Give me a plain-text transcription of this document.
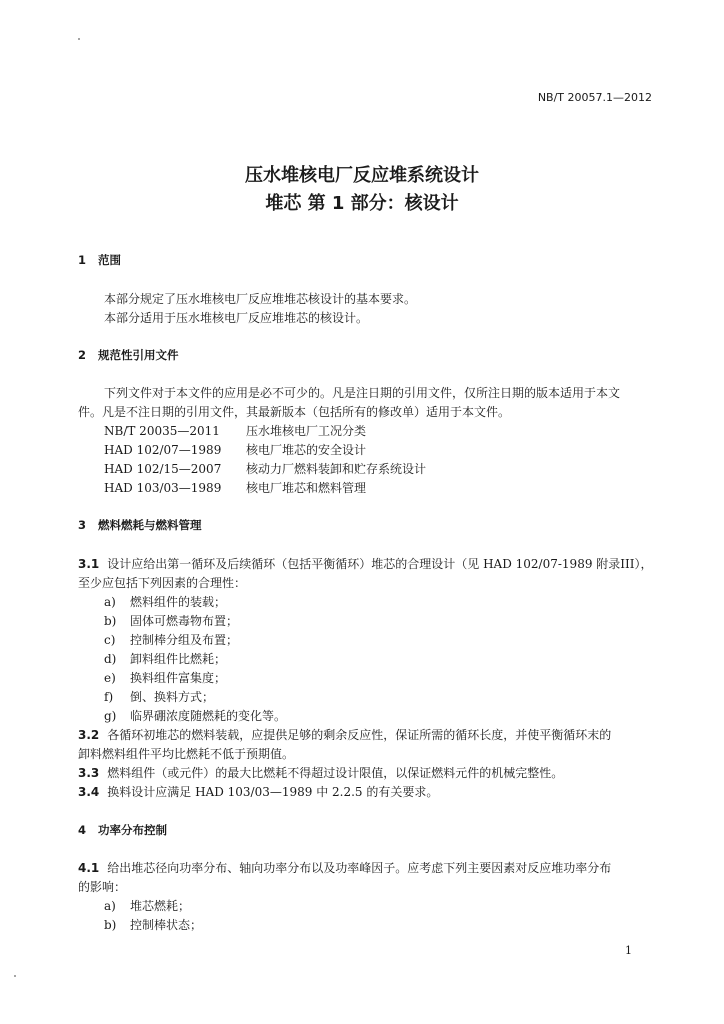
NB/T 20057.1—2012
压水堆核电厂反应堆系统设计
堆芯 第 1 部分：核设计
1 范围
本部分规定了压水堆核电厂反应堆堆芯核设计的基本要求。
本部分适用于压水堆核电厂反应堆堆芯的核设计。
2 规范性引用文件
下列文件对于本文件的应用是必不可少的。凡是注日期的引用文件，仅所注日期的版本适用于本文
件。凡是不注日期的引用文件，其最新版本（包括所有的修改单）适用于本文件。
NB/T 20035—2011 压水堆核电厂工况分类
HAD 102/07—1989 核电厂堆芯的安全设计
HAD 102/15—2007 核动力厂燃料装卸和贮存系统设计
HAD 103/03—1989 核电厂堆芯和燃料管理
3 燃料燃耗与燃料管理
3.1 设计应给出第一循环及后续循环（包括平衡循环）堆芯的合理设计（见 HAD 102/07-1989 附录III），
至少应包括下列因素的合理性：
a) 燃料组件的装载；
b) 固体可燃毒物布置；
c) 控制棒分组及布置；
d) 卸料组件比燃耗；
e) 换料组件富集度；
f) 倒、换料方式；
g) 临界硼浓度随燃耗的变化等。
3.2 各循环初堆芯的燃料装载，应提供足够的剩余反应性，保证所需的循环长度，并使平衡循环末的
卸料燃料组件平均比燃耗不低于预期值。
3.3 燃料组件（或元件）的最大比燃耗不得超过设计限值，以保证燃料元件的机械完整性。
3.4 换料设计应满足 HAD 103/03—1989 中 2.2.5 的有关要求。
4 功率分布控制
4.1 给出堆芯径向功率分布、轴向功率分布以及功率峰因子。应考虑下列主要因素对反应堆功率分布
的影响：
a) 堆芯燃耗；
b) 控制棒状态；
1
